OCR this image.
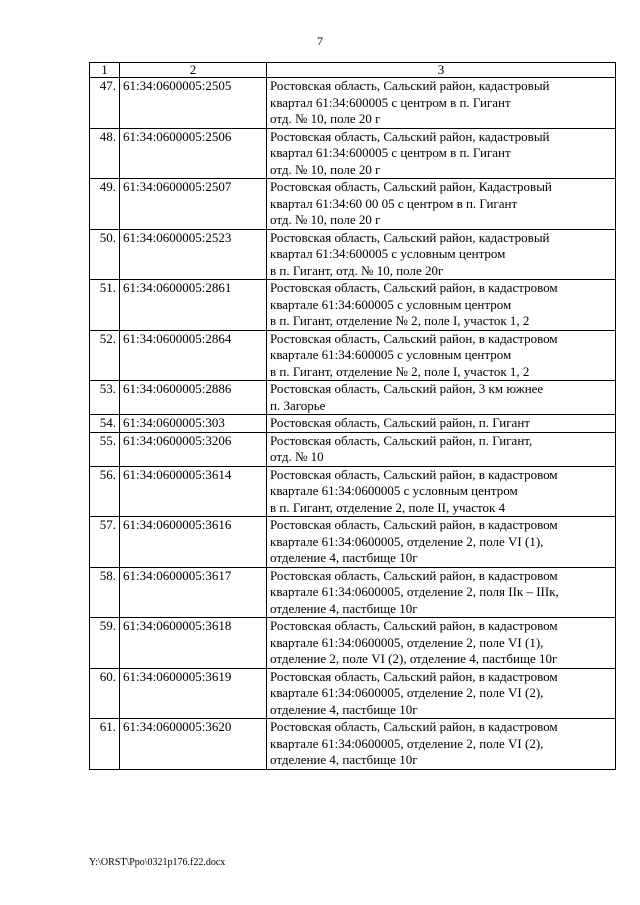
7
1	2	3
47.	61:34:0600005:2505	Ростовская область, Сальский район, кадастровый
квартал 61:34:600005 с центром в п. Гигант
отд. № 10, поле 20 г
48.	61:34:0600005:2506	Ростовская область, Сальский район, кадастровый
квартал 61:34:600005 с центром в п. Гигант
отд. № 10, поле 20 г
49.	61:34:0600005:2507	Ростовская область, Сальский район, Кадастровый
квартал 61:34:60 00 05 с центром в п. Гигант
отд. № 10, поле 20 г
50.	61:34:0600005:2523	Ростовская область, Сальский район, кадастровый
квартал 61:34:600005 с условным центром
в п. Гигант, отд. № 10, поле 20г
51.	61:34:0600005:2861	Ростовская область, Сальский район, в кадастровом
квартале 61:34:600005 с условным центром
в п. Гигант, отделение № 2, поле I, участок 1, 2
52.	61:34:0600005:2864	Ростовская область, Сальский район, в кадастровом
квартале 61:34:600005 с условным центром
в п. Гигант, отделение № 2, поле I, участок 1, 2
53.	61:34:0600005:2886	Ростовская область, Сальский район, 3 км южнее
п. Загорье
54.	61:34:0600005:303	Ростовская область, Сальский район, п. Гигант
55.	61:34:0600005:3206	Ростовская область, Сальский район, п. Гигант,
отд. № 10
56.	61:34:0600005:3614	Ростовская область, Сальский район, в кадастровом
квартале 61:34:0600005 с условным центром
в п. Гигант, отделение 2, поле II, участок 4
57.	61:34:0600005:3616	Ростовская область, Сальский район, в кадастровом
квартале 61:34:0600005, отделение 2, поле VI (1),
отделение 4, пастбище 10г
58.	61:34:0600005:3617	Ростовская область, Сальский район, в кадастровом
квартале 61:34:0600005, отделение 2, поля IIк – IIIк,
отделение 4, пастбище 10г
59.	61:34:0600005:3618	Ростовская область, Сальский район, в кадастровом
квартале 61:34:0600005, отделение 2, поле VI (1),
отделение 2, поле VI (2), отделение 4, пастбище 10г
60.	61:34:0600005:3619	Ростовская область, Сальский район, в кадастровом
квартале 61:34:0600005, отделение 2, поле VI (2),
отделение 4, пастбище 10г
61.	61:34:0600005:3620	Ростовская область, Сальский район, в кадастровом
квартале 61:34:0600005, отделение 2, поле VI (2),
отделение 4, пастбище 10г
Y:\ORST\Ppo\0321p176.f22.docx
